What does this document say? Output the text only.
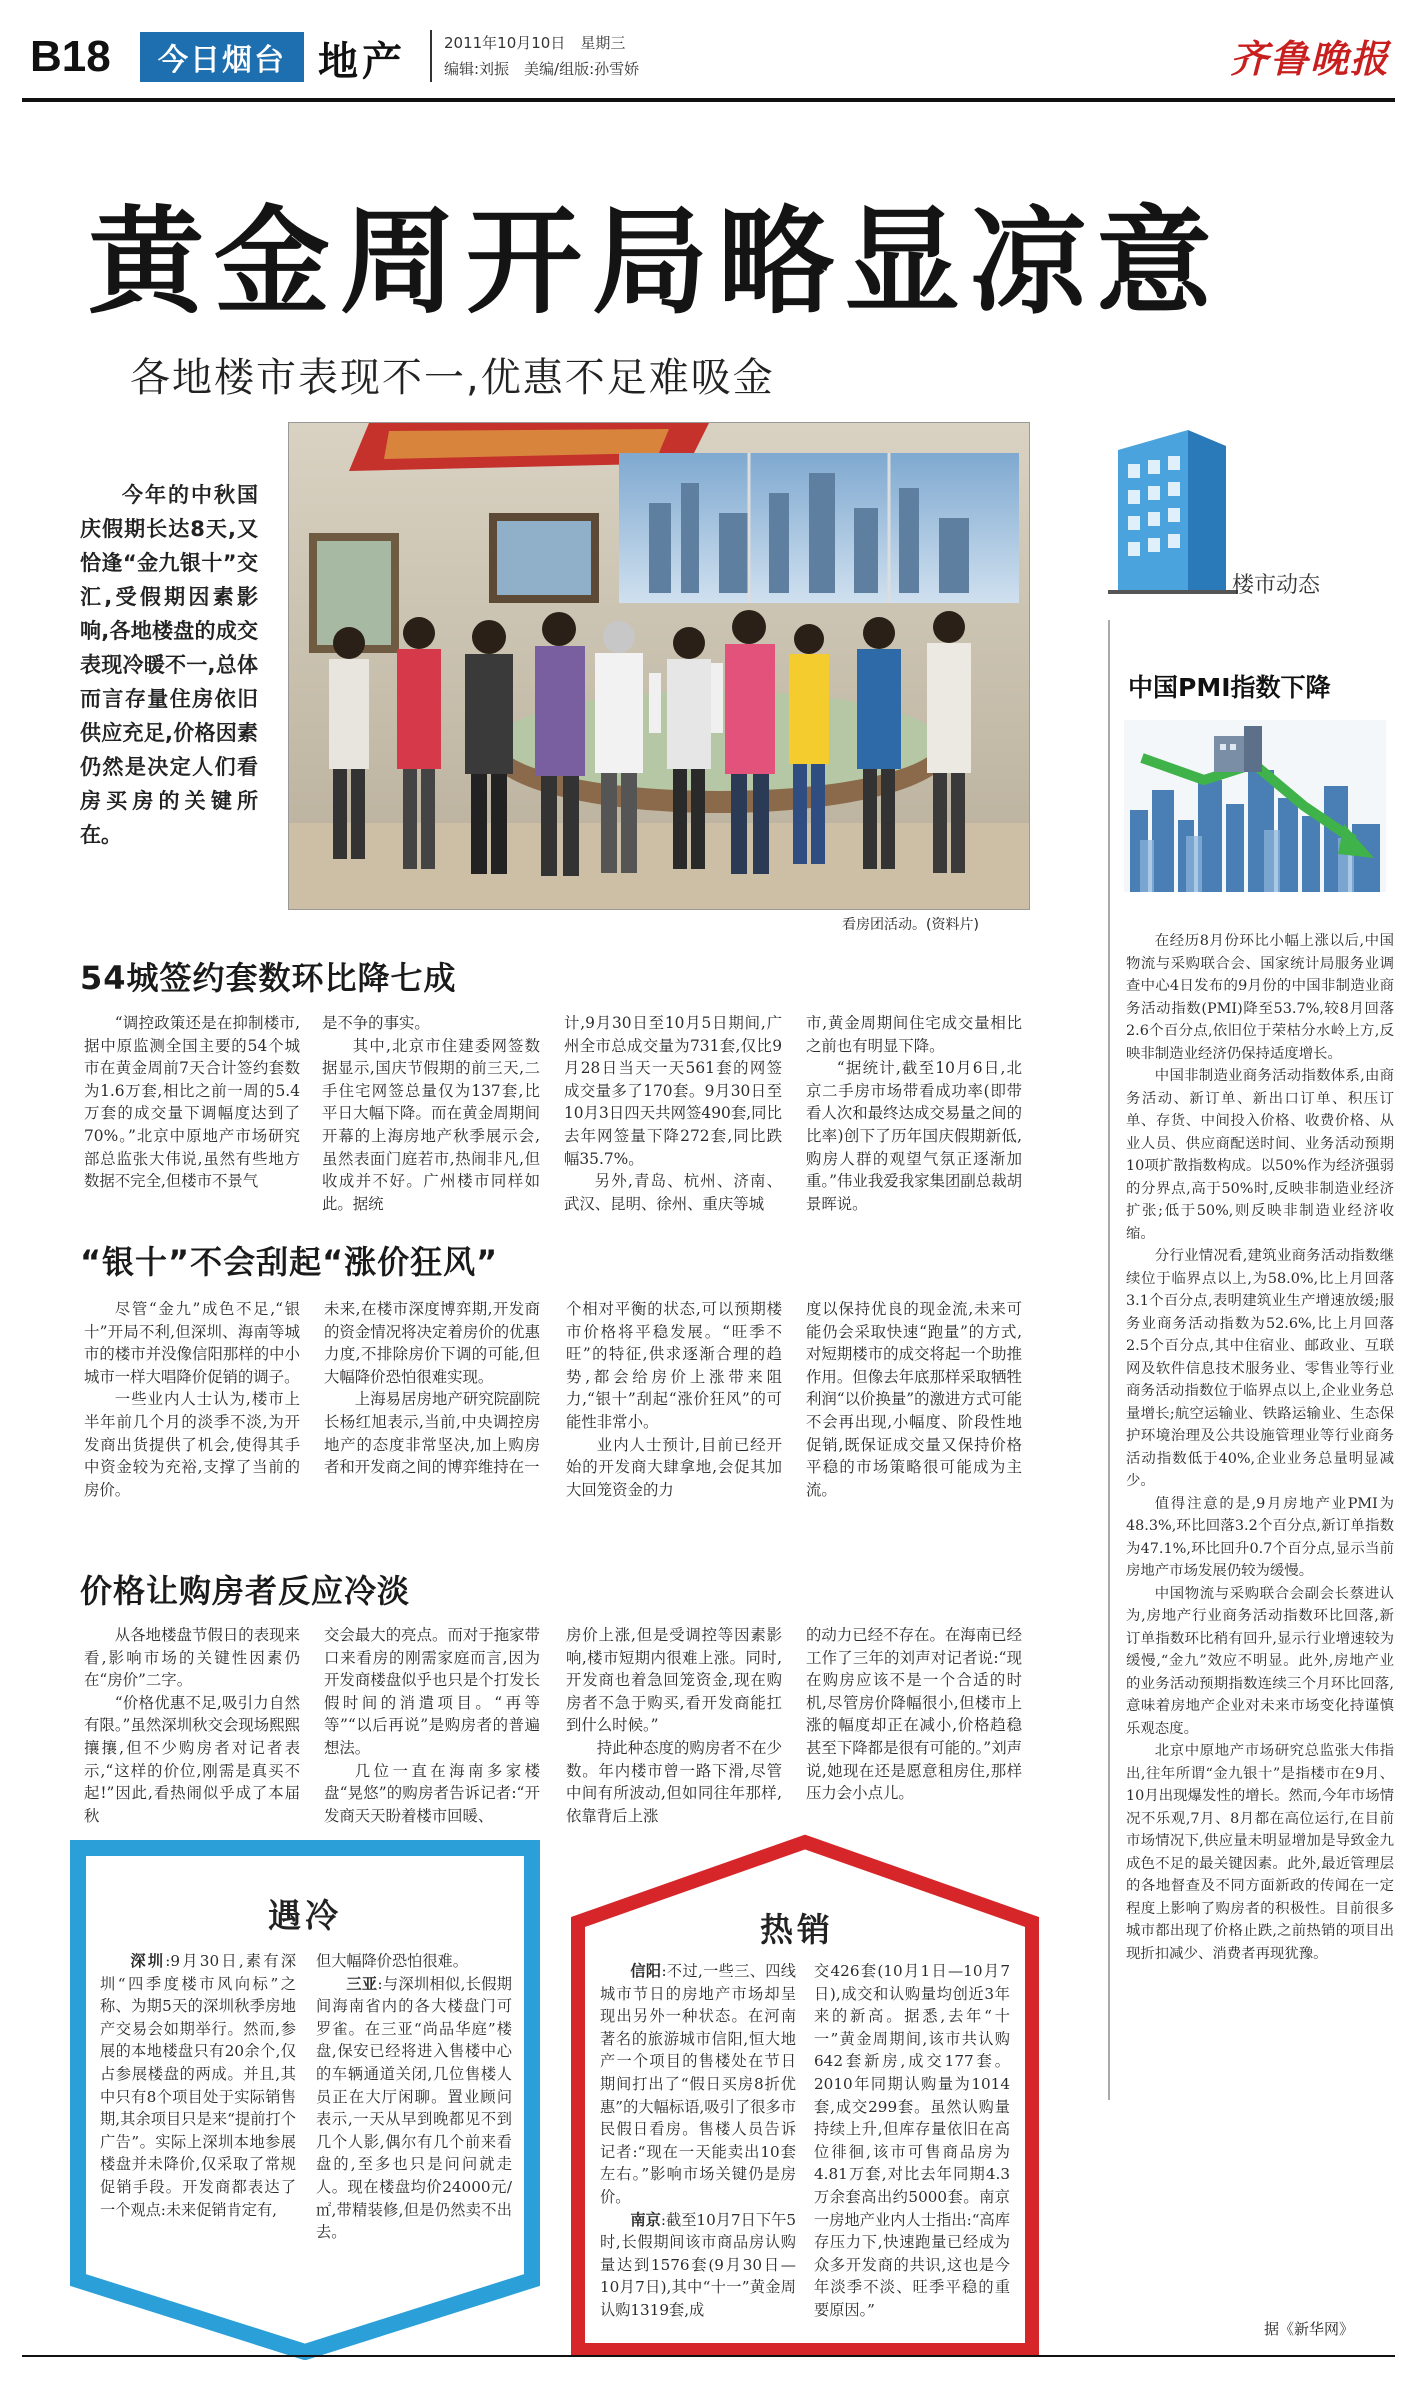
B18	今日烟台 地产	2011年10月10日　星期三
编辑:刘振　美编/组版:孙雪娇	齐鲁晚报
黄金周开局略显凉意
各地楼市表现不一,优惠不足难吸金
今年的中秋国庆假期长达8天,又恰逢“金九银十”交汇,受假期因素影响,各地楼盘的成交表现冷暖不一,总体而言存量住房依旧供应充足,价格因素仍然是决定人们看房买房的关键所在。
看房团活动。(资料片)
54城签约套数环比降七成

“调控政策还是在抑制楼市,据中原监测全国主要的54个城市在黄金周前7天合计签约套数为1.6万套,相比之前一周的5.4万套的成交量下调幅度达到了70%。”北京中原地产市场研究部总监张大伟说,虽然有些地方数据不完全,但楼市不景气

是不争的事实。

其中,北京市住建委网签数据显示,国庆节假期的前三天,二手住宅网签总量仅为137套,比平日大幅下降。而在黄金周期间开幕的上海房地产秋季展示会,虽然表面门庭若市,热闹非凡,但收成并不好。广州楼市同样如此。据统

计,9月30日至10月5日期间,广州全市总成交量为731套,仅比9月28日当天一天561套的网签成交量多了170套。9月30日至10月3日四天共网签490套,同比去年网签量下降272套,同比跌幅35.7%。

另外,青岛、杭州、济南、武汉、昆明、徐州、重庆等城

市,黄金周期间住宅成交量相比之前也有明显下降。

“据统计,截至10月6日,北京二手房市场带看成功率(即带看人次和最终达成交易量之间的比率)创下了历年国庆假期新低,购房人群的观望气氛正逐渐加重。”伟业我爱我家集团副总裁胡景晖说。

“银十”不会刮起“涨价狂风”

尽管“金九”成色不足,“银十”开局不利,但深圳、海南等城市的楼市并没像信阳那样的中小城市一样大唱降价促销的调子。

一些业内人士认为,楼市上半年前几个月的淡季不淡,为开发商出货提供了机会,使得其手中资金较为充裕,支撑了当前的房价。

未来,在楼市深度博弈期,开发商的资金情况将决定着房价的优惠力度,不排除房价下调的可能,但大幅降价恐怕很难实现。

上海易居房地产研究院副院长杨红旭表示,当前,中央调控房地产的态度非常坚决,加上购房者和开发商之间的博弈维持在一

个相对平衡的状态,可以预期楼市价格将平稳发展。“旺季不旺”的特征,供求逐渐合理的趋势,都会给房价上涨带来阻力,“银十”刮起“涨价狂风”的可能性非常小。

业内人士预计,目前已经开始的开发商大肆拿地,会促其加大回笼资金的力

度以保持优良的现金流,未来可能仍会采取快速“跑量”的方式,对短期楼市的成交将起一个助推作用。但像去年底那样采取牺牲利润“以价换量”的激进方式可能不会再出现,小幅度、阶段性地促销,既保证成交量又保持价格平稳的市场策略很可能成为主流。

价格让购房者反应冷淡

从各地楼盘节假日的表现来看,影响市场的关键性因素仍在“房价”二字。

“价格优惠不足,吸引力自然有限。”虽然深圳秋交会现场熙熙攘攘,但不少购房者对记者表示,“这样的价位,刚需是真买不起!”因此,看热闹似乎成了本届秋

交会最大的亮点。而对于拖家带口来看房的刚需家庭而言,因为开发商楼盘似乎也只是个打发长假时间的消遣项目。“再等等”“以后再说”是购房者的普遍想法。

几位一直在海南多家楼盘“晃悠”的购房者告诉记者:“开发商天天盼着楼市回暖、

房价上涨,但是受调控等因素影响,楼市短期内很难上涨。同时,开发商也着急回笼资金,现在购房者不急于购买,看开发商能扛到什么时候。”

持此种态度的购房者不在少数。年内楼市曾一路下滑,尽管中间有所波动,但如同往年那样,依靠背后上涨

的动力已经不存在。在海南已经工作了三年的刘声对记者说:“现在购房应该不是一个合适的时机,尽管房价降幅很小,但楼市上涨的幅度却正在减小,价格趋稳甚至下降都是很有可能的。”刘声说,她现在还是愿意租房住,那样压力会小点儿。

遇冷

深圳:9月30日,素有深圳“四季度楼市风向标”之称、为期5天的深圳秋季房地产交易会如期举行。然而,参展的本地楼盘只有20余个,仅占参展楼盘的两成。并且,其中只有8个项目处于实际销售期,其余项目只是来“提前打个广告”。实际上深圳本地参展楼盘并未降价,仅采取了常规促销手段。开发商都表达了一个观点:未来促销肯定有,

但大幅降价恐怕很难。

三亚:与深圳相似,长假期间海南省内的各大楼盘门可罗雀。在三亚“尚品华庭”楼盘,保安已经将进入售楼中心的车辆通道关闭,几位售楼人员正在大厅闲聊。置业顾问表示,一天从早到晚都见不到几个人影,偶尔有几个前来看盘的,至多也只是问问就走人。现在楼盘均价24000元/㎡,带精装修,但是仍然卖不出去。

热销

信阳:不过,一些三、四线城市节日的房地产市场却呈现出另外一种状态。在河南著名的旅游城市信阳,恒大地产一个项目的售楼处在节日期间打出了“假日买房8折优惠”的大幅标语,吸引了很多市民假日看房。售楼人员告诉记者:“现在一天能卖出10套左右。”影响市场关键仍是房价。

南京:截至10月7日下午5时,长假期间该市商品房认购量达到1576套(9月30日—10月7日),其中“十一”黄金周认购1319套,成

交426套(10月1日—10月7日),成交和认购量均创近3年来的新高。据悉,去年“十一”黄金周期间,该市共认购642套新房,成交177套。2010年同期认购量为1014套,成交299套。虽然认购量持续上升,但库存量依旧在高位徘徊,该市可售商品房为4.81万套,对比去年同期4.3万余套高出约5000套。南京一房地产业内人士指出:“高库存压力下,快速跑量已经成为众多开发商的共识,这也是今年淡季不淡、旺季平稳的重要原因。”

楼市动态
中国PMI指数下降

在经历8月份环比小幅上涨以后,中国物流与采购联合会、国家统计局服务业调查中心4日发布的9月份的中国非制造业商务活动指数(PMI)降至53.7%,较8月回落2.6个百分点,依旧位于荣枯分水岭上方,反映非制造业经济仍保持适度增长。

中国非制造业商务活动指数体系,由商务活动、新订单、新出口订单、积压订单、存货、中间投入价格、收费价格、从业人员、供应商配送时间、业务活动预期10项扩散指数构成。以50%作为经济强弱的分界点,高于50%时,反映非制造业经济扩张;低于50%,则反映非制造业经济收缩。

分行业情况看,建筑业商务活动指数继续位于临界点以上,为58.0%,比上月回落3.1个百分点,表明建筑业生产增速放缓;服务业商务活动指数为52.6%,比上月回落2.5个百分点,其中住宿业、邮政业、互联网及软件信息技术服务业、零售业等行业商务活动指数位于临界点以上,企业业务总量增长;航空运输业、铁路运输业、生态保护环境治理及公共设施管理业等行业商务活动指数低于40%,企业业务总量明显减少。

值得注意的是,9月房地产业PMI为48.3%,环比回落3.2个百分点,新订单指数为47.1%,环比回升0.7个百分点,显示当前房地产市场发展仍较为缓慢。

中国物流与采购联合会副会长蔡进认为,房地产行业商务活动指数环比回落,新订单指数环比稍有回升,显示行业增速较为缓慢,“金九”效应不明显。此外,房地产业的业务活动预期指数连续三个月环比回落,意味着房地产企业对未来市场变化持谨慎乐观态度。

北京中原地产市场研究总监张大伟指出,往年所谓“金九银十”是指楼市在9月、10月出现爆发性的增长。然而,今年市场情况不乐观,7月、8月都在高位运行,在目前市场情况下,供应量未明显增加是导致金九成色不足的最关键因素。此外,最近管理层的各地督查及不同方面新政的传闻在一定程度上影响了购房者的积极性。目前很多城市都出现了价格止跌,之前热销的项目出现折扣减少、消费者再现犹豫。

据《新华网》
